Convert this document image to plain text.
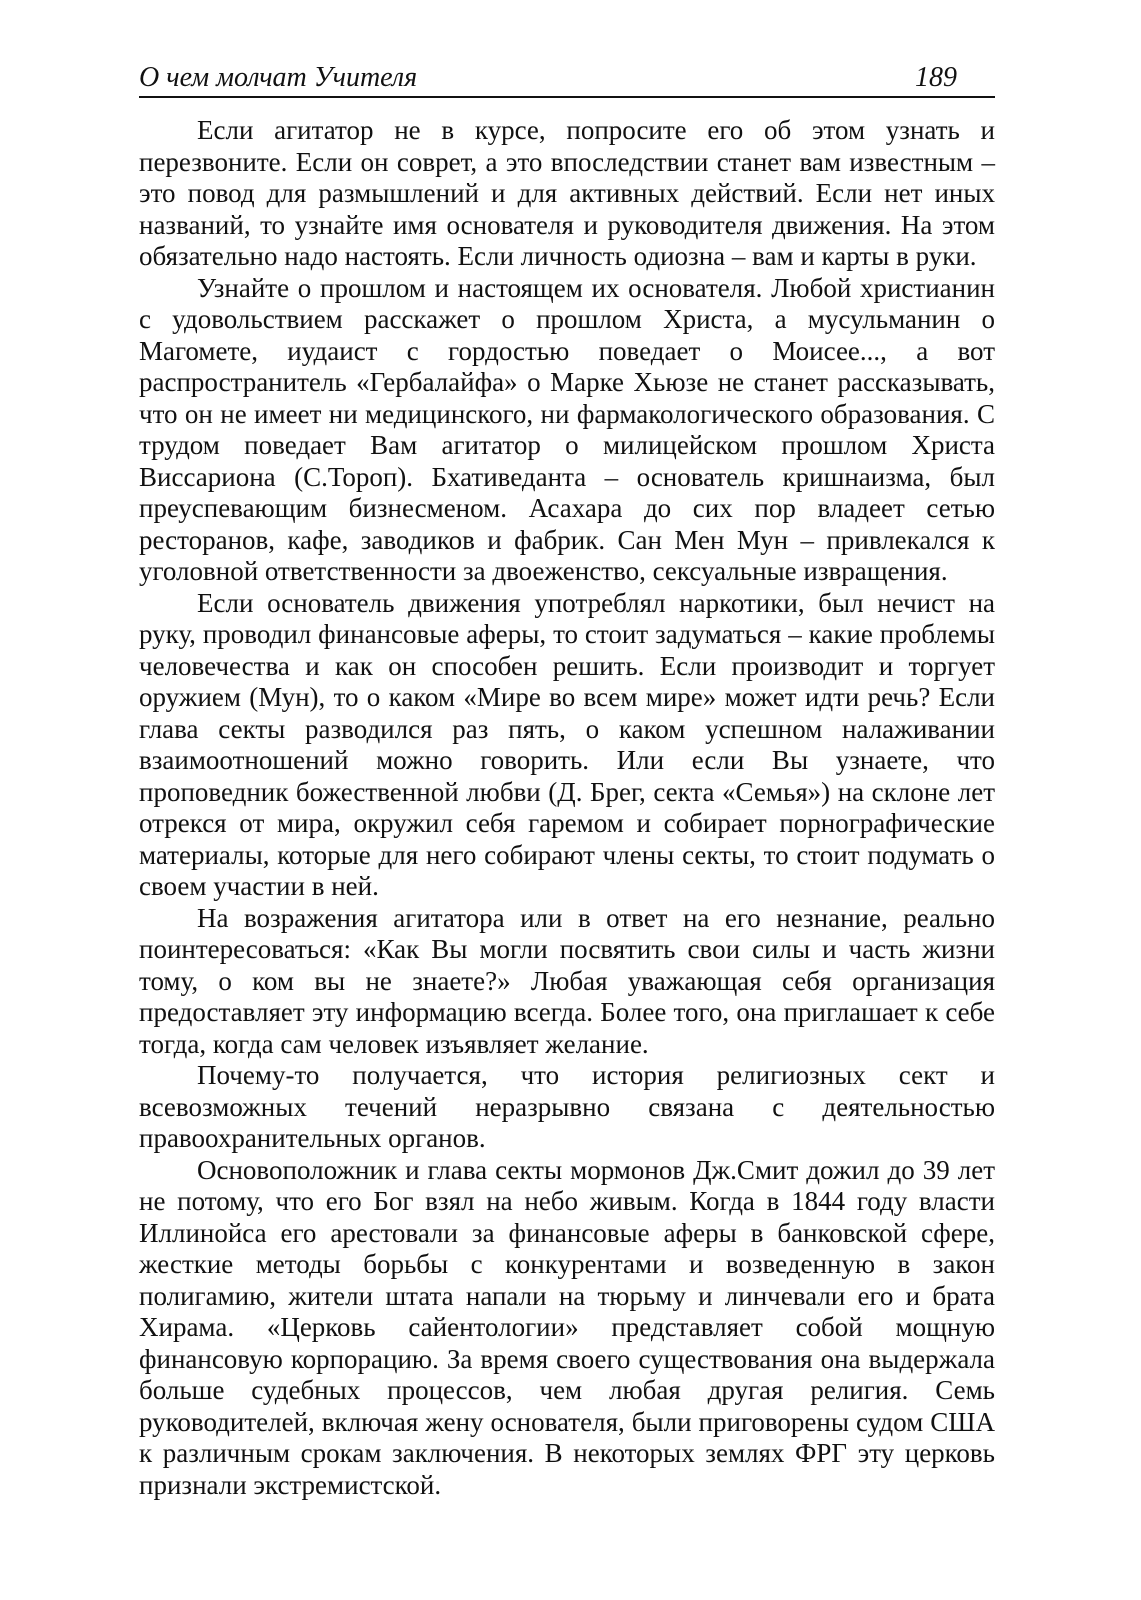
О чем молчат Учителя	189

Если агитатор не в курсе, попросите его об этом узнать и перезвоните. Если он соврет, а это впоследствии станет вам известным – это повод для размышлений и для активных действий. Если нет иных названий, то узнайте имя основателя и руководителя движения. На этом обязательно надо настоять. Если личность одиозна – вам и карты в руки.

Узнайте о прошлом и настоящем их основателя. Любой христианин с удовольствием расскажет о прошлом Христа, а мусульманин о Магомете, иудаист с гордостью поведает о Моисее..., а вот распространитель «Гербалайфа» о Марке Хьюзе не станет рассказывать, что он не имеет ни медицинского, ни фармакологического образования. С трудом поведает Вам агитатор о милицейском прошлом Христа Виссариона (С.Тороп). Бхативеданта – основатель кришнаизма, был преуспевающим бизнесменом. Асахара до сих пор владеет сетью ресторанов, кафе, заводиков и фабрик. Сан Мен Мун – привлекался к уголовной ответственности за двоеженство, сексуальные извращения.

Если основатель движения употреблял наркотики, был нечист на руку, проводил финансовые аферы, то стоит задуматься – какие проблемы человечества и как он способен решить. Если производит и торгует оружием (Мун), то о каком «Мире во всем мире» может идти речь? Если глава секты разводился раз пять, о каком успешном налаживании взаимоотношений можно говорить. Или если Вы узнаете, что проповедник божественной любви (Д. Брег, секта «Семья») на склоне лет отрекся от мира, окружил себя гаремом и собирает порнографические материалы, которые для него собирают члены секты, то стоит подумать о своем участии в ней.

На возражения агитатора или в ответ на его незнание, реально поинтересоваться: «Как Вы могли посвятить свои силы и часть жизни тому, о ком вы не знаете?» Любая уважающая себя организация предоставляет эту информацию всегда. Более того, она приглашает к себе тогда, когда сам человек изъявляет желание.

Почему-то получается, что история религиозных сект и всевозможных течений неразрывно связана с деятельностью правоохранительных органов.

Основоположник и глава секты мормонов Дж.Смит дожил до 39 лет не потому, что его Бог взял на небо живым. Когда в 1844 году власти Иллинойса его арестовали за финансовые аферы в банковской сфере, жесткие методы борьбы с конкурентами и возведенную в закон полигамию, жители штата напали на тюрьму и линчевали его и брата Хирама. «Церковь сайентологии» представляет собой мощную финансовую корпорацию. За время своего существования она выдержала больше судебных процессов, чем любая другая религия. Семь руководителей, включая жену основателя, были приговорены судом США к различным срокам заключения. В некоторых землях ФРГ эту церковь признали экстремистской.
